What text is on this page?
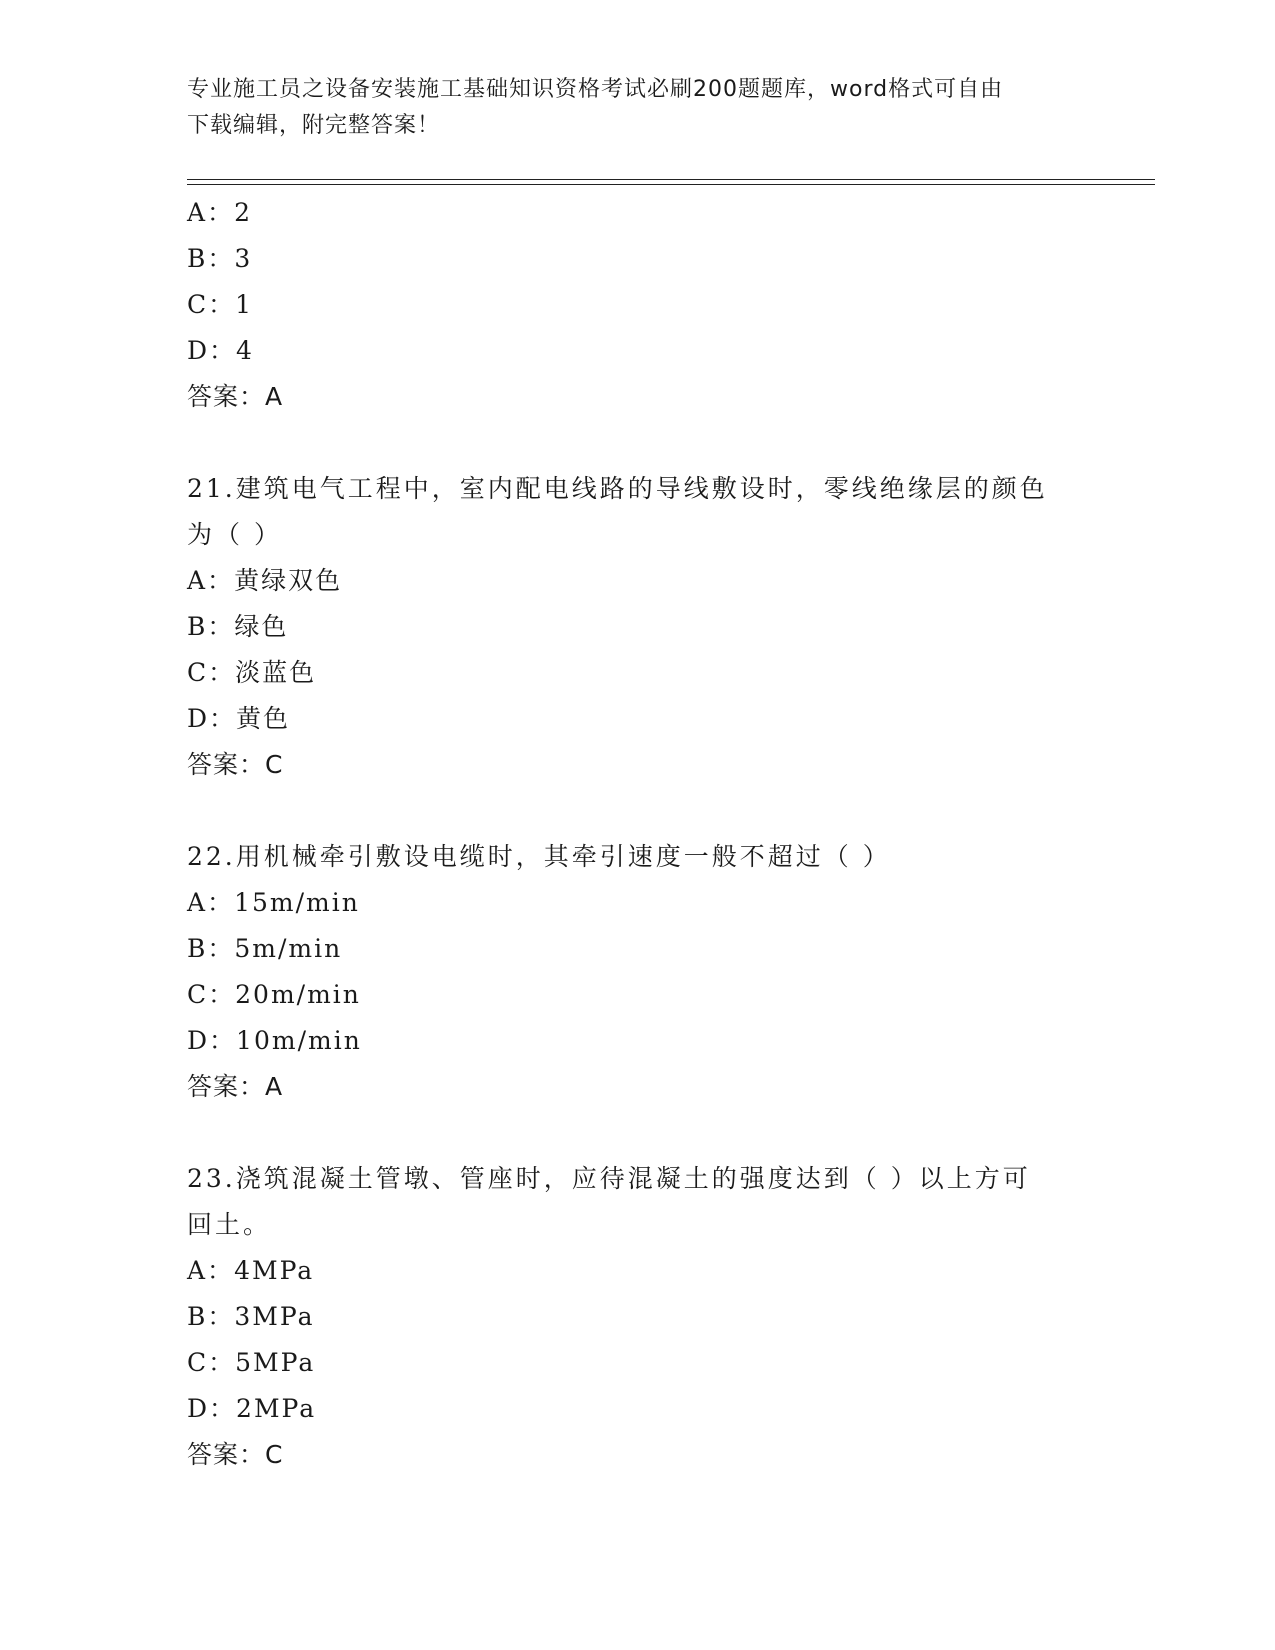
专业施工员之设备安装施工基础知识资格考试必刷200题题库，word格式可自由
下载编辑，附完整答案！
A：2
B：3
C：1
D：4
答案：A
21.建筑电气工程中，室内配电线路的导线敷设时，零线绝缘层的颜色
为（ ）
A：黄绿双色
B：绿色
C：淡蓝色
D：黄色
答案：C
22.用机械牵引敷设电缆时，其牵引速度一般不超过（ ）
A：15m/min
B：5m/min
C：20m/min
D：10m/min
答案：A
23.浇筑混凝土管墩、管座时，应待混凝土的强度达到（ ）以上方可
回土。
A：4MPa
B：3MPa
C：5MPa
D：2MPa
答案：C
